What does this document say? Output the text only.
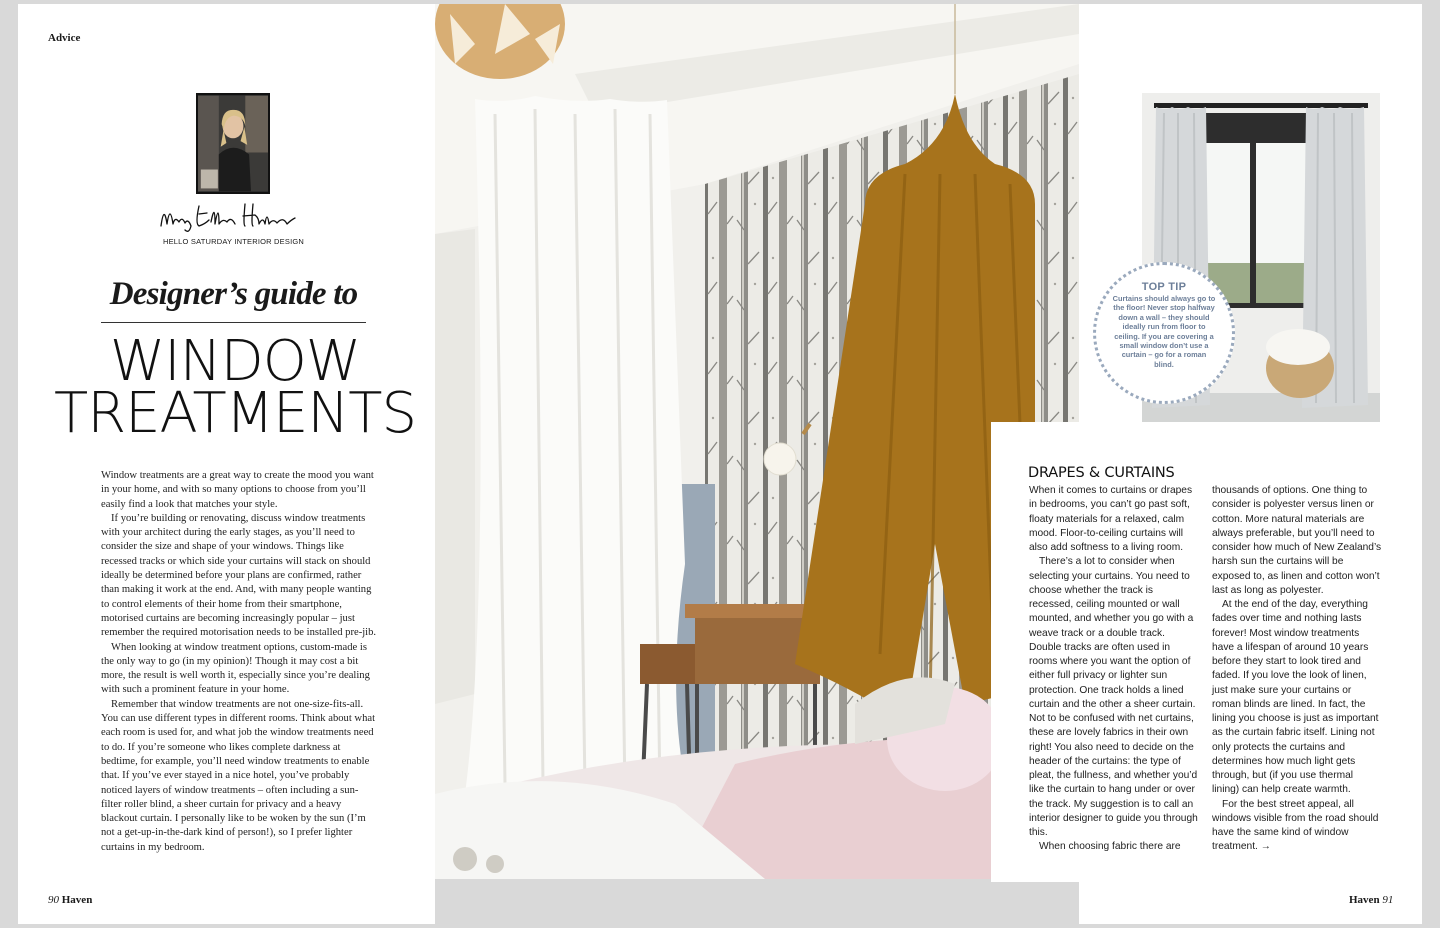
Advice
HELLO SATURDAY INTERIOR DESIGN
Designer’s guide to
WINDOW
TREATMENTS

Window treatments are a great way to create the mood you want in your home, and with so many options to choose from you’ll easily find a look that matches your style.

If you’re building or renovating, discuss window treatments with your architect during the early stages, as you’ll need to consider the size and shape of your windows. Things like recessed tracks or which side your curtains will stack on should ideally be determined before your plans are confirmed, rather than making it work at the end. And, with many people wanting to control elements of their home from their smartphone, motorised curtains are becoming increasingly popular – just remember the required motorisation needs to be installed pre-jib.

When looking at window treatment options, custom-made is the only way to go (in my opinion)! Though it may cost a bit more, the result is well worth it, especially since you’re dealing with such a prominent feature in your home.

Remember that window treatments are not one-size-fits-all. You can use different types in different rooms. Think about what each room is used for, and what job the window treatments need to do. If you’re someone who likes complete darkness at bedtime, for example, you’ll need window treatments to enable that. If you’ve ever stayed in a nice hotel, you’ve probably noticed layers of window treatments – often including a sun-filter roller blind, a sheer curtain for privacy and a heavy blackout curtain. I personally like to be woken by the sun (I’m not a get-up-in-the-dark kind of person!), so I prefer lighter curtains in my bedroom.

TOP TIP
Curtains should always go to the floor! Never stop halfway down a wall – they should ideally run from floor to ceiling. If you are covering a small window don’t use a curtain – go for a roman blind.
DRAPES & CURTAINS

When it comes to curtains or drapes in bedrooms, you can’t go past soft, floaty materials for a relaxed, calm mood. Floor-to-ceiling curtains will also add softness to a living room.

There’s a lot to consider when selecting your curtains. You need to choose whether the track is recessed, ceiling mounted or wall mounted, and whether you go with a weave track or a double track. Double tracks are often used in rooms where you want the option of either full privacy or lighter sun protection. One track holds a lined curtain and the other a sheer curtain. Not to be confused with net curtains, these are lovely fabrics in their own right! You also need to decide on the header of the curtains: the type of pleat, the fullness, and whether you’d like the curtain to hang under or over the track. My suggestion is to call an interior designer to guide you through this.

When choosing fabric there are

thousands of options. One thing to consider is polyester versus linen or cotton. More natural materials are always preferable, but you’ll need to consider how much of New Zealand’s harsh sun the curtains will be exposed to, as linen and cotton won’t last as long as polyester.

At the end of the day, everything fades over time and nothing lasts forever! Most window treatments have a lifespan of around 10 years before they start to look tired and faded. If you love the look of linen, just make sure your curtains or roman blinds are lined. In fact, the lining you choose is just as important as the curtain fabric itself. Lining not only protects the curtains and determines how much light gets through, but (if you use thermal lining) can help create warmth.

For the best street appeal, all windows visible from the road should have the same kind of window treatment. →

90 Haven	Haven 91
